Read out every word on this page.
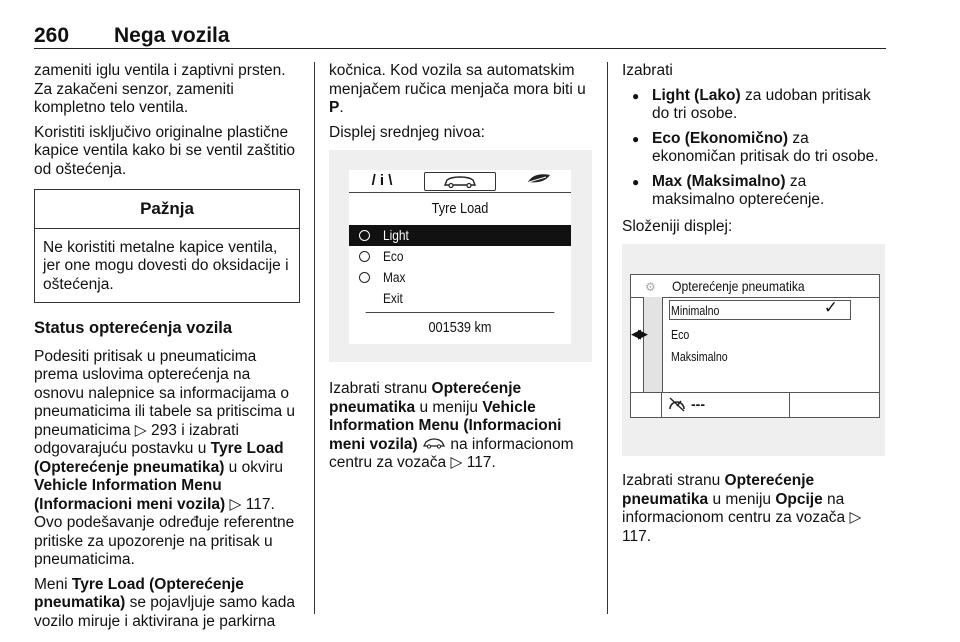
260 Nega vozila

zameniti iglu ventila i zaptivni prsten. Za zakačeni senzor, zameniti kompletno telo ventila.

Koristiti isključivo originalne plastične kapice ventila kako bi se ventil zaštitio od oštećenja.

Pažnja
Ne koristiti metalne kapice ventila, jer one mogu dovesti do oksidacije i oštećenja.
Status opterećenja vozila

Podesiti pritisak u pneumaticima prema uslovima opterećenja na osnovu nalepnice sa informacijama o pneumaticima ili tabele sa pritiscima u pneumaticima ▷ 293 i izabrati odgovarajuću postavku u Tyre Load (Opterećenje pneumatika) u okviru Vehicle Information Menu (Informacioni meni vozila) ▷ 117. Ovo podešavanje određuje referentne pritiske za upozorenje na pritisak u pneumaticima.

Meni Tyre Load (Opterećenje pneumatika) se pojavljuje samo kada vozilo miruje i aktivirana je parkirna

kočnica. Kod vozila sa automatskim menjačem ručica menjača mora biti u P.

Displej srednjeg nivoa:

/ i \
Tyre Load
Light
Eco
Max
Exit
001539 km

Izabrati stranu Opterećenje pneumatika u meniju Vehicle Information Menu (Informacioni meni vozila)  na informacionom centru za vozača ▷ 117.

Izabrati

● Light (Lako) za udoban pritisak do tri osobe.
● Eco (Ekonomično) za ekonomičan pritisak do tri osobe.
● Max (Maksimalno) za maksimalno opterećenje.

Složeniji displej:

⚙ Opterećenje pneumatika
◀▶
✓
Minimalno
Eco
Maksimalno
---

Izabrati stranu Opterećenje pneumatika u meniju Opcije na informacionom centru za vozača ▷ 117.
